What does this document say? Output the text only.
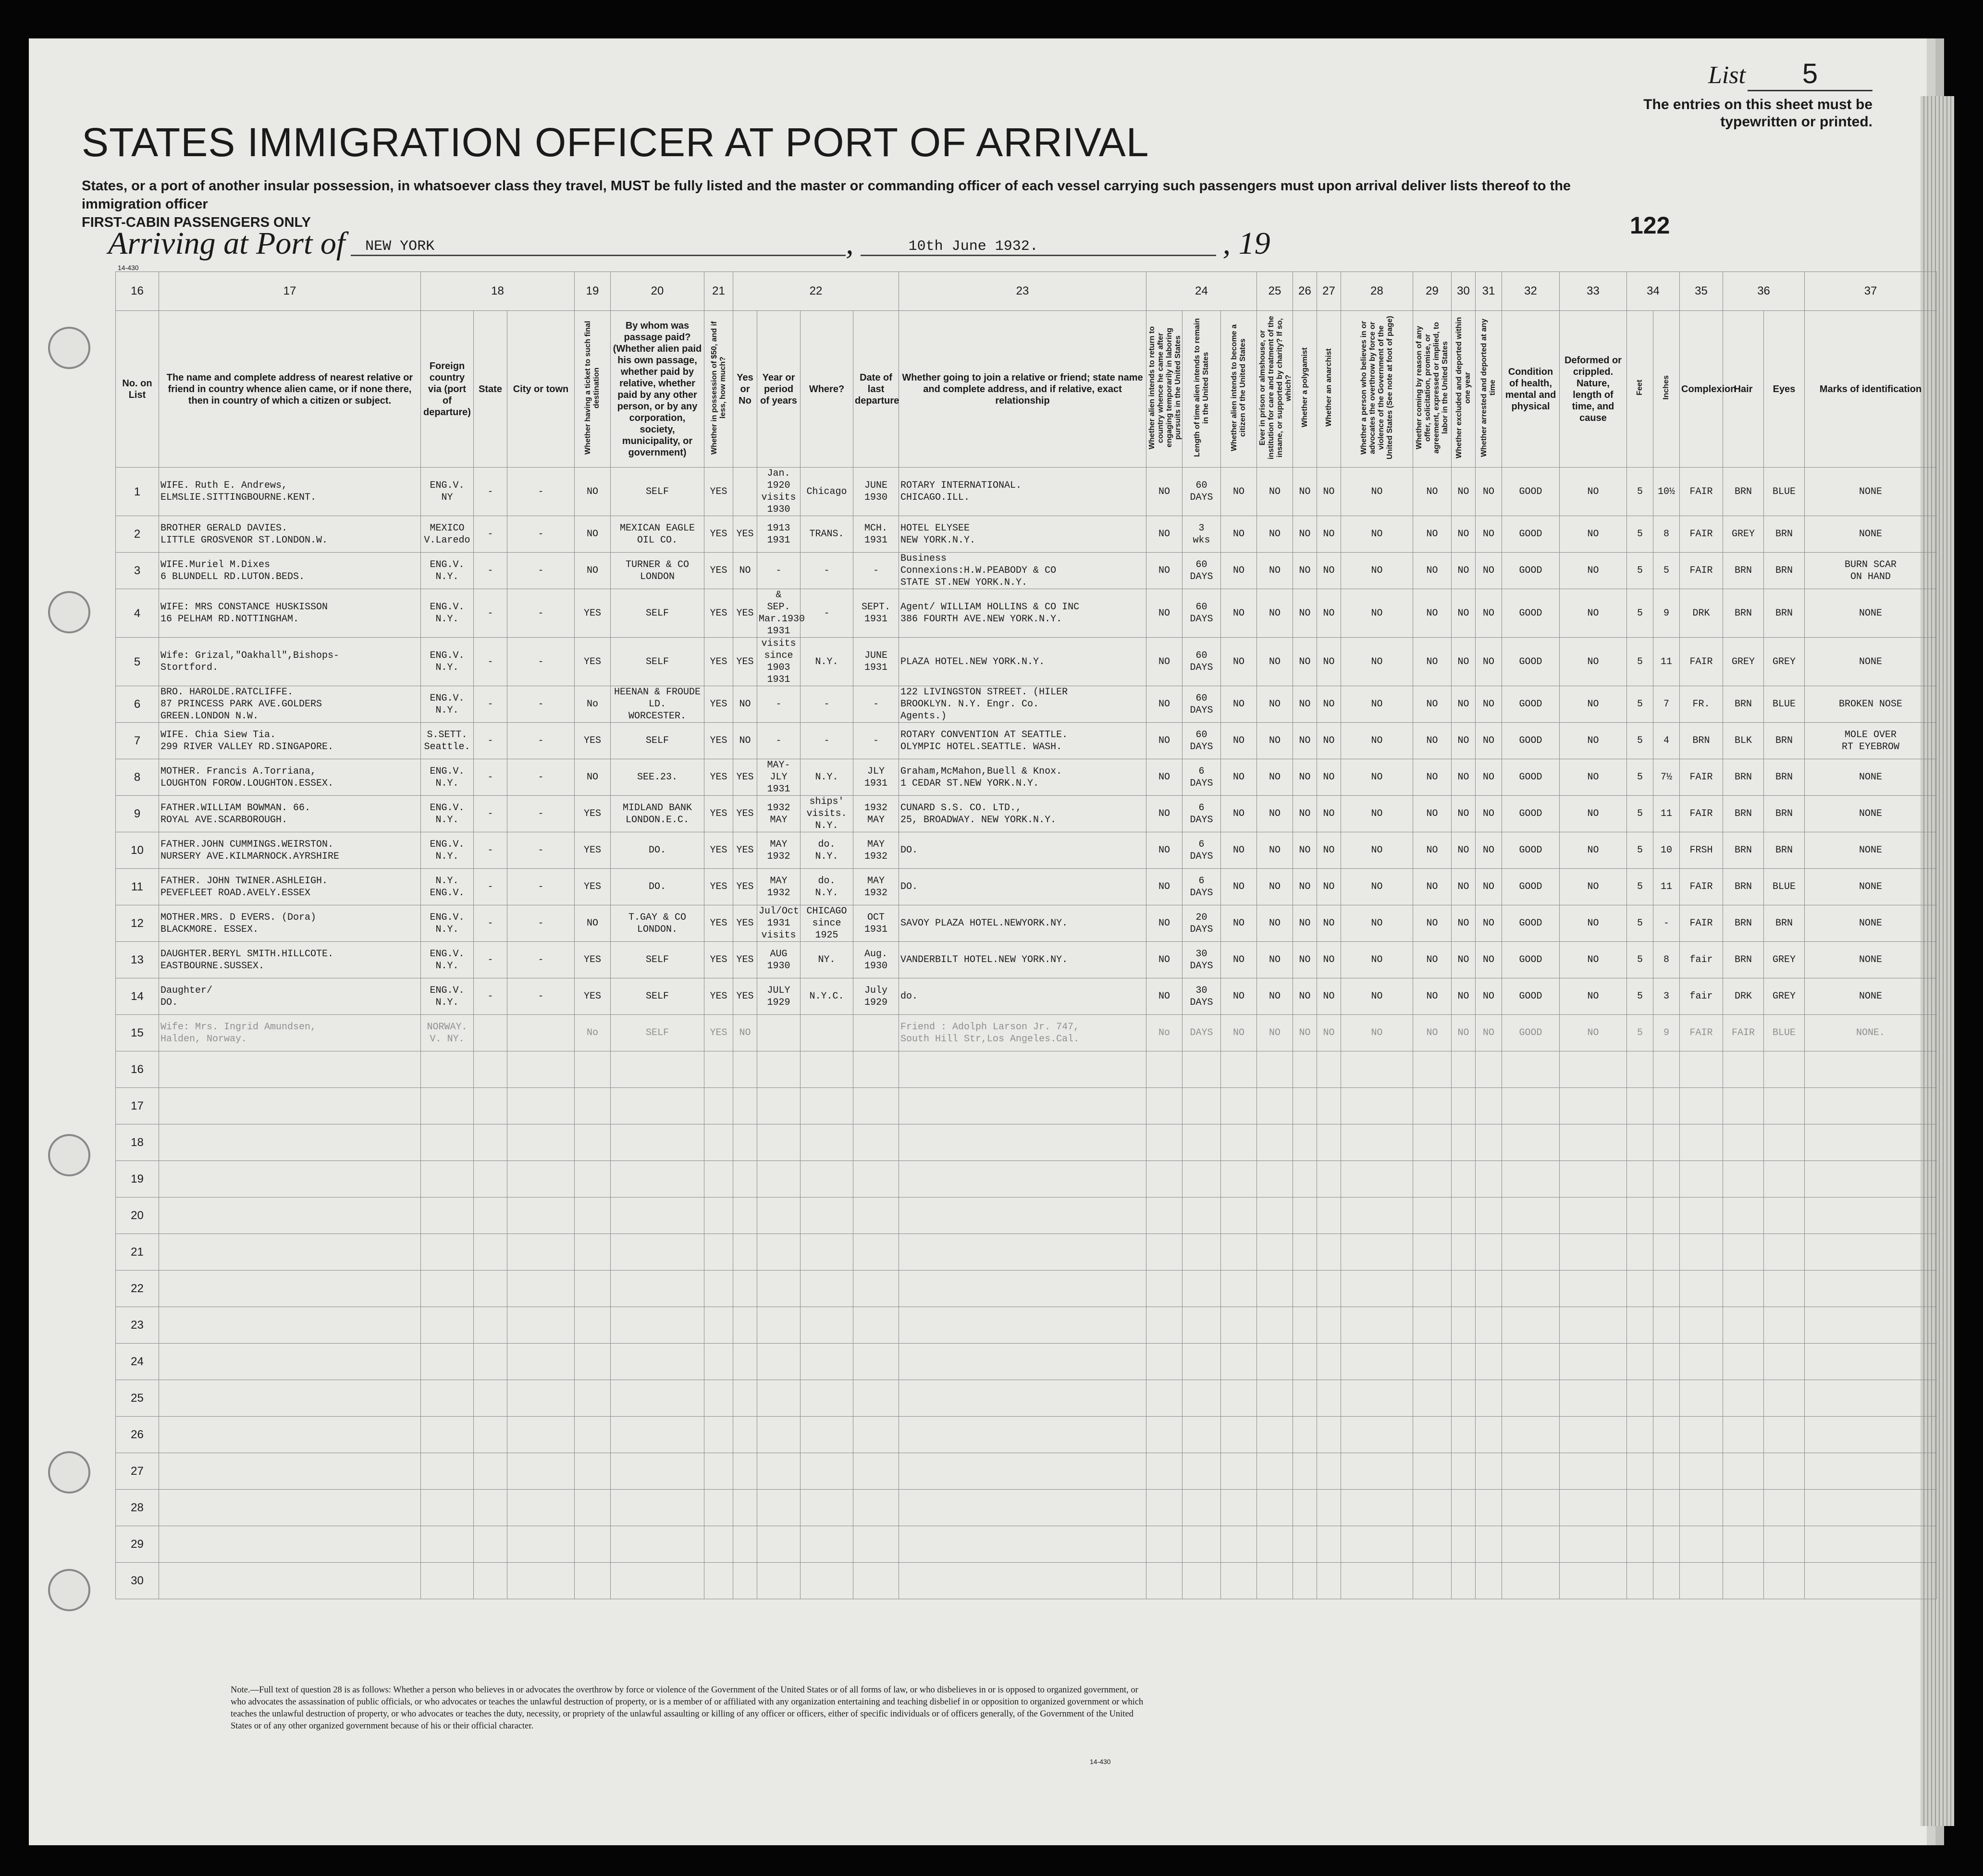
List 5
The entries on this sheet must be typewritten or printed.
STATES IMMIGRATION OFFICER AT PORT OF ARRIVAL
States, or a port of another insular possession, in whatsoever class they travel, MUST be fully listed and the master or commanding officer of each vessel carrying such passengers must upon arrival deliver lists thereof to the immigration officer
FIRST-CABIN PASSENGERS ONLY
Arriving at Port of	NEW YORK	,	10th June 1932.	, 19
122
14-430
16	17	18			19	20	21	22				23	24			25	26	27	28	29	30	31	32	33	34		35	36		37
No. on List	The name and complete address of nearest relative or friend in country whence alien came, or if none there, then in country of which a citizen or subject.	Foreign country via (port of departure)	State	City or town	Whether having a ticket to such final destination	By whom was passage paid? (Whether alien paid his own passage, whether paid by relative, whether paid by any other person, or by any corporation, society, municipality, or government)	Whether in possession of $50, and if less, how much?	Yes or No	Year or period of years	Where?	Date of last departure	Whether going to join a relative or friend; state name and complete address, and if relative, exact relationship	Whether alien intends to return to country whence he came after engaging temporarily in laboring pursuits in the United States	Length of time alien intends to remain in the United States	Whether alien intends to become a citizen of the United States	Ever in prison or almshouse, or institution for care and treatment of the insane, or supported by charity? If so, which?	Whether a polygamist	Whether an anarchist	Whether a person who believes in or advocates the overthrow by force or violence of the Government of the United States (See note at foot of page)	Whether coming by reason of any offer, solicitation, promise, or agreement, expressed or implied, to labor in the United States	Whether excluded and deported within one year	Whether arrested and deported at any time	Condition of health, mental and physical	Deformed or crippled. Nature, length of time, and cause	Feet	Inches	Complexion	Hair	Eyes	Marks of identification
1	WIFE. Ruth E. Andrews,
ELMSLIE.SITTINGBOURNE.KENT.	ENG.V.
NY	-	-	NO	SELF	YES		Jan. 1920
visits
1930	Chicago	JUNE
1930	ROTARY INTERNATIONAL.
CHICAGO.ILL.	NO	60
DAYS	NO	NO	NO	NO	NO	NO	NO	NO	GOOD	NO	5	10½	FAIR	BRN	BLUE	NONE
2	BROTHER GERALD DAVIES.
LITTLE GROSVENOR ST.LONDON.W.	MEXICO
V.Laredo	-	-	NO	MEXICAN EAGLE
OIL CO.	YES	YES	1913
1931	TRANS.	MCH.
1931	HOTEL ELYSEE
NEW YORK.N.Y.	NO	3
wks	NO	NO	NO	NO	NO	NO	NO	NO	GOOD	NO	5	8	FAIR	GREY	BRN	NONE
3	WIFE.Muriel M.Dixes
6 BLUNDELL RD.LUTON.BEDS.	ENG.V.
N.Y.	-	-	NO	TURNER & CO
LONDON	YES	NO	-	-	-	Business
Connexions:H.W.PEABODY & CO
STATE ST.NEW YORK.N.Y.	NO	60
DAYS	NO	NO	NO	NO	NO	NO	NO	NO	GOOD	NO	5	5	FAIR	BRN	BRN	BURN SCAR
ON HAND
4	WIFE: MRS CONSTANCE HUSKISSON
16 PELHAM RD.NOTTINGHAM.	ENG.V.
N.Y.	-	-	YES	SELF	YES	YES	&
SEP. Mar.1930
1931	-	SEPT.
1931	Agent/ WILLIAM HOLLINS & CO INC
386 FOURTH AVE.NEW YORK.N.Y.	NO	60
DAYS	NO	NO	NO	NO	NO	NO	NO	NO	GOOD	NO	5	9	DRK	BRN	BRN	NONE
5	Wife: Grizal,"Oakhall",Bishops-
Stortford.	ENG.V.
N.Y.	-	-	YES	SELF	YES	YES	visits since
1903
1931	N.Y.	JUNE
1931	PLAZA HOTEL.NEW YORK.N.Y.	NO	60
DAYS	NO	NO	NO	NO	NO	NO	NO	NO	GOOD	NO	5	11	FAIR	GREY	GREY	NONE
6	BRO. HAROLDE.RATCLIFFE.
87 PRINCESS PARK AVE.GOLDERS
GREEN.LONDON N.W.	ENG.V.
N.Y.	-	-	No	HEENAN & FROUDE LD.
WORCESTER.	YES	NO	-	-	-	122 LIVINGSTON STREET. (HILER
BROOKLYN. N.Y. Engr. Co.
Agents.)	NO	60
DAYS	NO	NO	NO	NO	NO	NO	NO	NO	GOOD	NO	5	7	FR.	BRN	BLUE	BROKEN NOSE
7	WIFE. Chia Siew Tia.
299 RIVER VALLEY RD.SINGAPORE.	S.SETT.
Seattle.	-	-	YES	SELF	YES	NO	-	-	-	ROTARY CONVENTION AT SEATTLE.
OLYMPIC HOTEL.SEATTLE. WASH.	NO	60
DAYS	NO	NO	NO	NO	NO	NO	NO	NO	GOOD	NO	5	4	BRN	BLK	BRN	MOLE OVER
RT EYEBROW
8	MOTHER. Francis A.Torriana,
LOUGHTON FOROW.LOUGHTON.ESSEX.	ENG.V.
N.Y.	-	-	NO	SEE.23.	YES	YES	MAY-JLY
1931	N.Y.	JLY
1931	Graham,McMahon,Buell & Knox.
1 CEDAR ST.NEW YORK.N.Y.	NO	6
DAYS	NO	NO	NO	NO	NO	NO	NO	NO	GOOD	NO	5	7½	FAIR	BRN	BRN	NONE
9	FATHER.WILLIAM BOWMAN. 66.
ROYAL AVE.SCARBOROUGH.	ENG.V.
N.Y.	-	-	YES	MIDLAND BANK
LONDON.E.C.	YES	YES	1932
MAY	ships'
visits.
N.Y.	1932
MAY	CUNARD S.S. CO. LTD.,
25, BROADWAY. NEW YORK.N.Y.	NO	6
DAYS	NO	NO	NO	NO	NO	NO	NO	NO	GOOD	NO	5	11	FAIR	BRN	BRN	NONE
10	FATHER.JOHN CUMMINGS.WEIRSTON.
NURSERY AVE.KILMARNOCK.AYRSHIRE	ENG.V.
N.Y.	-	-	YES	DO.	YES	YES	MAY
1932	do.
N.Y.	MAY
1932	DO.	NO	6
DAYS	NO	NO	NO	NO	NO	NO	NO	NO	GOOD	NO	5	10	FRSH	BRN	BRN	NONE
11	FATHER. JOHN TWINER.ASHLEIGH.
PEVEFLEET ROAD.AVELY.ESSEX	N.Y.
ENG.V.	-	-	YES	DO.	YES	YES	MAY
1932	do.
N.Y.	MAY
1932	DO.	NO	6
DAYS	NO	NO	NO	NO	NO	NO	NO	NO	GOOD	NO	5	11	FAIR	BRN	BLUE	NONE
12	MOTHER.MRS. D EVERS. (Dora)
BLACKMORE. ESSEX.	ENG.V.
N.Y.	-	-	NO	T.GAY & CO
LONDON.	YES	YES	Jul/Oct
1931
visits	CHICAGO
since
1925	OCT
1931	SAVOY PLAZA HOTEL.NEWYORK.NY.	NO	20
DAYS	NO	NO	NO	NO	NO	NO	NO	NO	GOOD	NO	5	-	FAIR	BRN	BRN	NONE
13	DAUGHTER.BERYL SMITH.HILLCOTE.
EASTBOURNE.SUSSEX.	ENG.V.
N.Y.	-	-	YES	SELF	YES	YES	AUG
1930	NY.	Aug.
1930	VANDERBILT HOTEL.NEW YORK.NY.	NO	30
DAYS	NO	NO	NO	NO	NO	NO	NO	NO	GOOD	NO	5	8	fair	BRN	GREY	NONE
14	Daughter/
DO.	ENG.V.
N.Y.	-	-	YES	SELF	YES	YES	JULY
1929	N.Y.C.	July
1929	do.	NO	30
DAYS	NO	NO	NO	NO	NO	NO	NO	NO	GOOD	NO	5	3	fair	DRK	GREY	NONE
15	Wife: Mrs. Ingrid Amundsen,
Halden, Norway.	NORWAY.
V. NY.			No	SELF	YES	NO				Friend : Adolph Larson Jr. 747,
South Hill Str,Los Angeles.Cal.	No	DAYS	NO	NO	NO	NO	NO	NO	NO	NO	GOOD	NO	5	9	FAIR	FAIR	BLUE	NONE.
16																														
17																														
18																														
19																														
20																														
21																														
22																														
23																														
24																														
25																														
26																														
27																														
28																														
29																														
30																														
Note.—Full text of question 28 is as follows: Whether a person who believes in or advocates the overthrow by force or violence of the Government of the United States or of all forms of law, or who disbelieves in or is opposed to organized government, or who advocates the assassination of public officials, or who advocates or teaches the unlawful destruction of property, or is a member of or affiliated with any organization entertaining and teaching disbelief in or opposition to organized government or which teaches the unlawful destruction of property, or who advocates or teaches the duty, necessity, or propriety of the unlawful assaulting or killing of any officer or officers, either of specific individuals or of officers generally, of the Government of the United States or of any other organized government because of his or their official character.
14-430
